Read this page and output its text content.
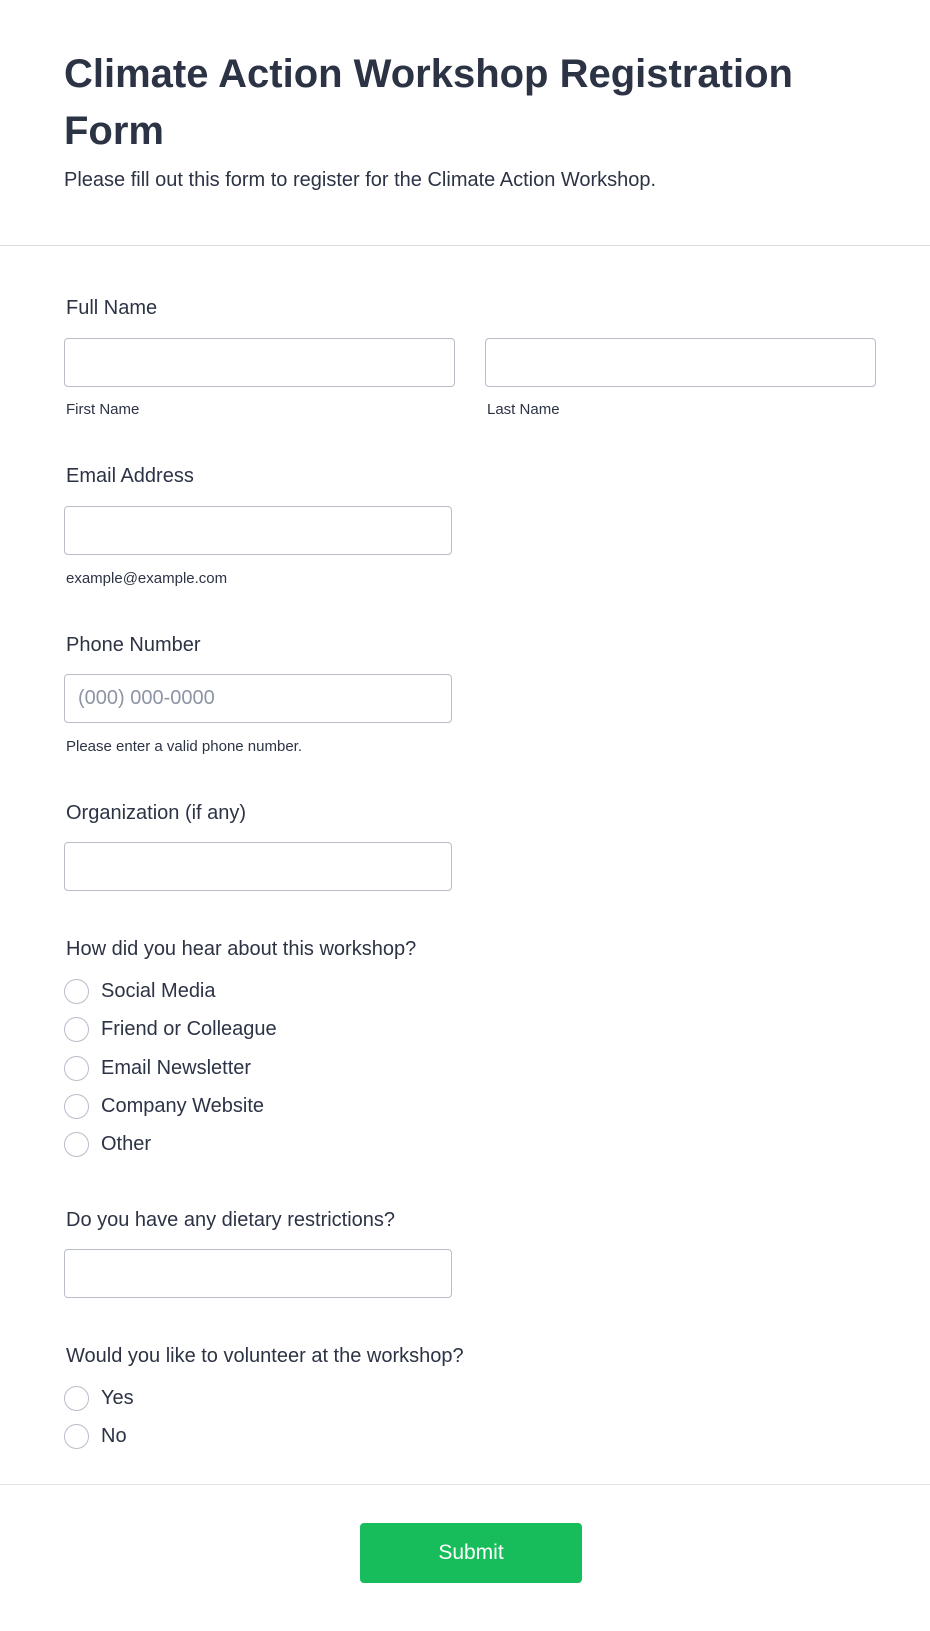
Climate Action Workshop Registration Form

Please fill out this form to register for the Climate Action Workshop.

Full Name
First Name	Last Name
Email Address
example@example.com
Phone Number
(000) 000-0000
Please enter a valid phone number.
Organization (if any)
How did you hear about this workshop?
Social Media
Friend or Colleague
Email Newsletter
Company Website
Other
Do you have any dietary restrictions?
Would you like to volunteer at the workshop?
Yes
No
Submit
